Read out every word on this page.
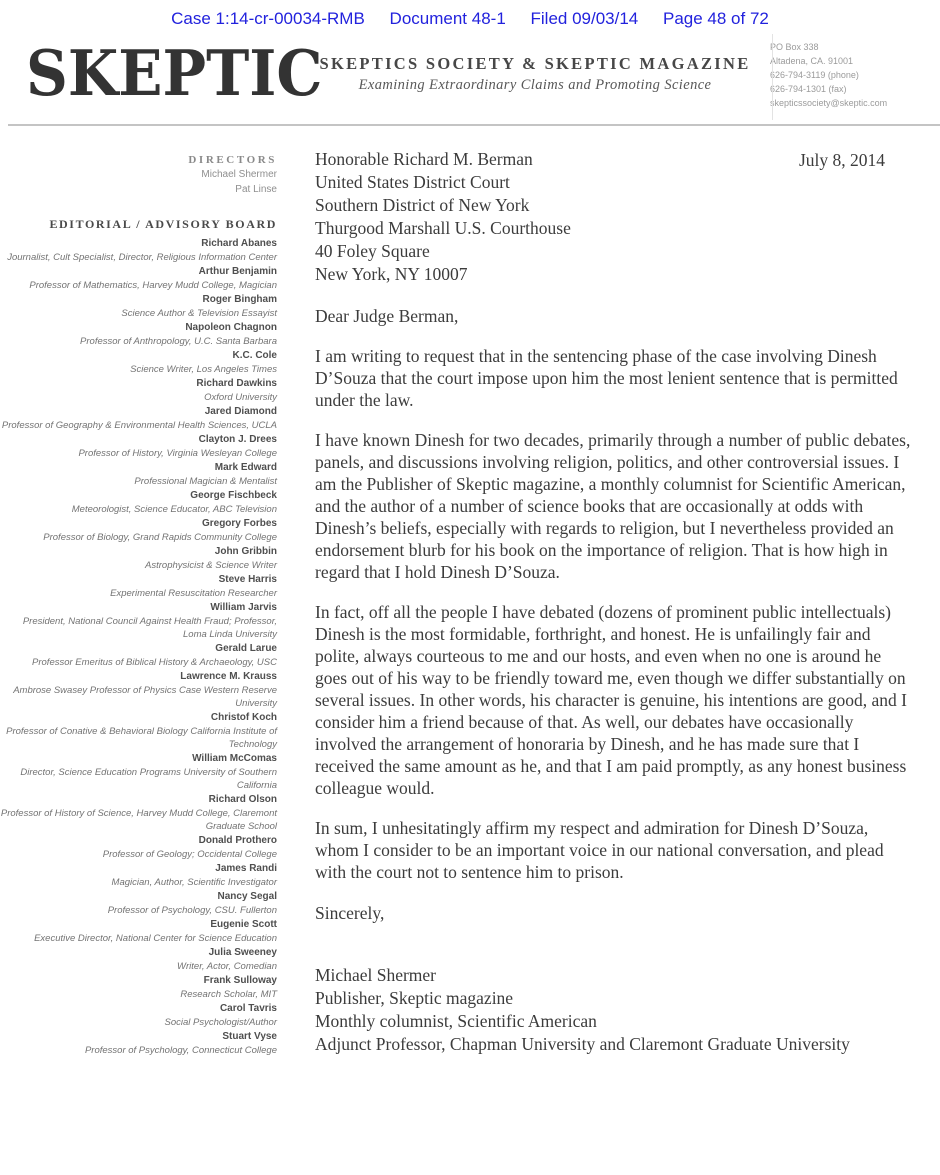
Case 1:14-cr-00034-RMB Document 48-1 Filed 09/03/14 Page 48 of 72
SKEPTIC
SKEPTICS SOCIETY & SKEPTIC MAGAZINE
Examining Extraordinary Claims and Promoting Science
PO Box 338
Altadena, CA. 91001
626-794-3119 (phone)
626-794-1301 (fax)
skepticssociety@skeptic.com
DIRECTORS
Michael Shermer
Pat Linse
EDITORIAL / ADVISORY BOARD
Richard Abanes
Journalist, Cult Specialist, Director, Religious Information Center
Arthur Benjamin
Professor of Mathematics, Harvey Mudd College, Magician
Roger Bingham
Science Author & Television Essayist
Napoleon Chagnon
Professor of Anthropology, U.C. Santa Barbara
K.C. Cole
Science Writer, Los Angeles Times
Richard Dawkins
Oxford University
Jared Diamond
Professor of Geography & Environmental Health Sciences, UCLA
Clayton J. Drees
Professor of History, Virginia Wesleyan College
Mark Edward
Professional Magician & Mentalist
George Fischbeck
Meteorologist, Science Educator, ABC Television
Gregory Forbes
Professor of Biology, Grand Rapids Community College
John Gribbin
Astrophysicist & Science Writer
Steve Harris
Experimental Resuscitation Researcher
William Jarvis
President, National Council Against Health Fraud; Professor, Loma Linda University
Gerald Larue
Professor Emeritus of Biblical History & Archaeology, USC
Lawrence M. Krauss
Ambrose Swasey Professor of Physics Case Western Reserve University
Christof Koch
Professor of Conative & Behavioral Biology California Institute of Technology
William McComas
Director, Science Education Programs University of Southern California
Richard Olson
Professor of History of Science, Harvey Mudd College, Claremont Graduate School
Donald Prothero
Professor of Geology; Occidental College
James Randi
Magician, Author, Scientific Investigator
Nancy Segal
Professor of Psychology, CSU. Fullerton
Eugenie Scott
Executive Director, National Center for Science Education
Julia Sweeney
Writer, Actor, Comedian
Frank Sulloway
Research Scholar, MIT
Carol Tavris
Social Psychologist/Author
Stuart Vyse
Professor of Psychology, Connecticut College
July 8, 2014
Honorable Richard M. Berman
United States District Court
Southern District of New York
Thurgood Marshall U.S. Courthouse
40 Foley Square
New York, NY 10007
Dear Judge Berman,

I am writing to request that in the sentencing phase of the case involving Dinesh D’Souza that the court impose upon him the most lenient sentence that is permitted under the law.

I have known Dinesh for two decades, primarily through a number of public debates, panels, and discussions involving religion, politics, and other controversial issues. I am the Publisher of Skeptic magazine, a monthly columnist for Scientific American, and the author of a number of science books that are occasionally at odds with Dinesh’s beliefs, especially with regards to religion, but I nevertheless provided an endorsement blurb for his book on the importance of religion. That is how high in regard that I hold Dinesh D’Souza.

In fact, off all the people I have debated (dozens of prominent public intellectuals) Dinesh is the most formidable, forthright, and honest. He is unfailingly fair and polite, always courteous to me and our hosts, and even when no one is around he goes out of his way to be friendly toward me, even though we differ substantially on several issues. In other words, his character is genuine, his intentions are good, and I consider him a friend because of that. As well, our debates have occasionally involved the arrangement of honoraria by Dinesh, and he has made sure that I received the same amount as he, and that I am paid promptly, as any honest business colleague would.

In sum, I unhesitatingly affirm my respect and admiration for Dinesh D’Souza, whom I consider to be an important voice in our national conversation, and plead with the court not to sentence him to prison.

Sincerely,
Michael Shermer
Publisher, Skeptic magazine
Monthly columnist, Scientific American
Adjunct Professor, Chapman University and Claremont Graduate University
